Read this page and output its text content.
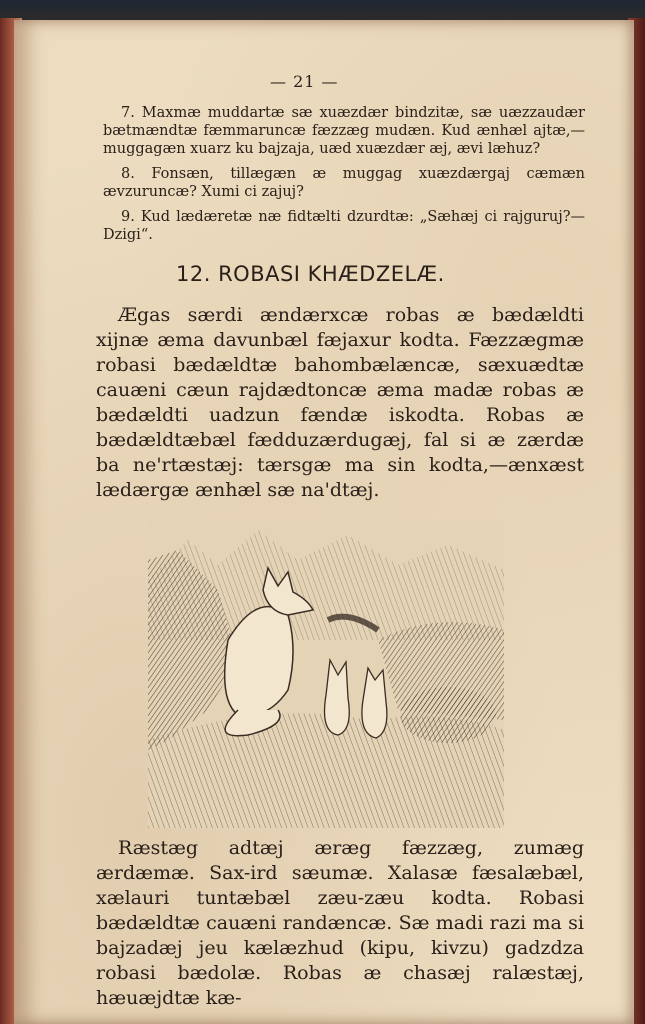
— 21 —

7. Maxmæ muddartæ sæ xuæzdær bindzitæ, sæ uæzzaudær bætmændtæ fæmmaruncæ fæzzæg mudæn. Kud ænhæl ajtæ,—muggagæn xuarz ku bajzaja, uæd xuæzdær æj, ævi læhuz?

8. Fonsæn, tillægæn æ muggag xuæzdærgaj cæmæn ævzuruncæ? Xumi ci zajuj?

9. Kud lædæretæ næ fidtælti dzurdtæ: „Sæhæj ci rajguruj?—Dzigi“.

12. ROBASI KHÆDZELÆ.

Ægas særdi ændærxcæ robas æ bædældti xijnæ æma davunbæl fæjaxur kodta. Fæzzægmæ robasi bædældtæ bahombælæncæ, sæxuædtæ cauæni cæun rajdædtoncæ æma madæ robas æ bædældti uadzun fændæ iskodta. Robas æ bædældtæbæl fædduzærdugæj, fal si æ zærdæ ba ne'rtæstæj: tærsgæ ma sin kodta,—ænxæst lædærgæ ænhæl sæ na'dtæj.

Ræstæg adtæj æræg fæzzæg, zumæg ærdæmæ. Sax-ird sæumæ. Xalasæ fæsalæbæl, xælauri tuntæbæl zæu-zæu kodta. Robasi bædældtæ cauæni randæncæ. Sæ madi razi ma si bajzadæj jeu kælæzhud (kipu, kivzu) gadzdza robasi bædolæ. Robas æ chasæj ralæstæj, hæuæjdtæ kæ-
